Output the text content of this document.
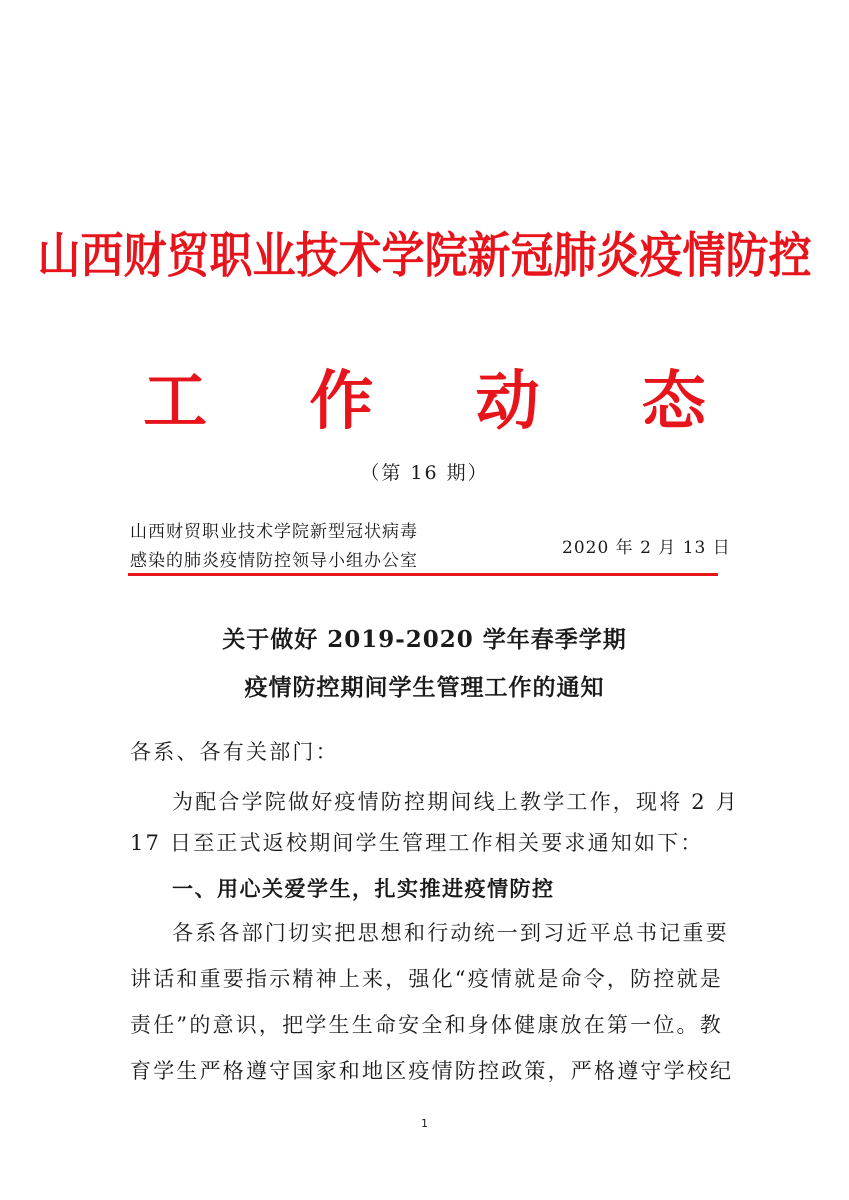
山西财贸职业技术学院新冠肺炎疫情防控
工 作 动 态
（第 16 期）
山西财贸职业技术学院新型冠状病毒
感染的肺炎疫情防控领导小组办公室
2020 年 2 月 13 日
关于做好 2019-2020 学年春季学期
疫情防控期间学生管理工作的通知
各系、各有关部门：
为配合学院做好疫情防控期间线上教学工作，现将 2 月
17 日至正式返校期间学生管理工作相关要求通知如下：
一、用心关爱学生，扎实推进疫情防控
各系各部门切实把思想和行动统一到习近平总书记重要
讲话和重要指示精神上来，强化“疫情就是命令，防控就是
责任”的意识，把学生生命安全和身体健康放在第一位。教
育学生严格遵守国家和地区疫情防控政策，严格遵守学校纪
1
